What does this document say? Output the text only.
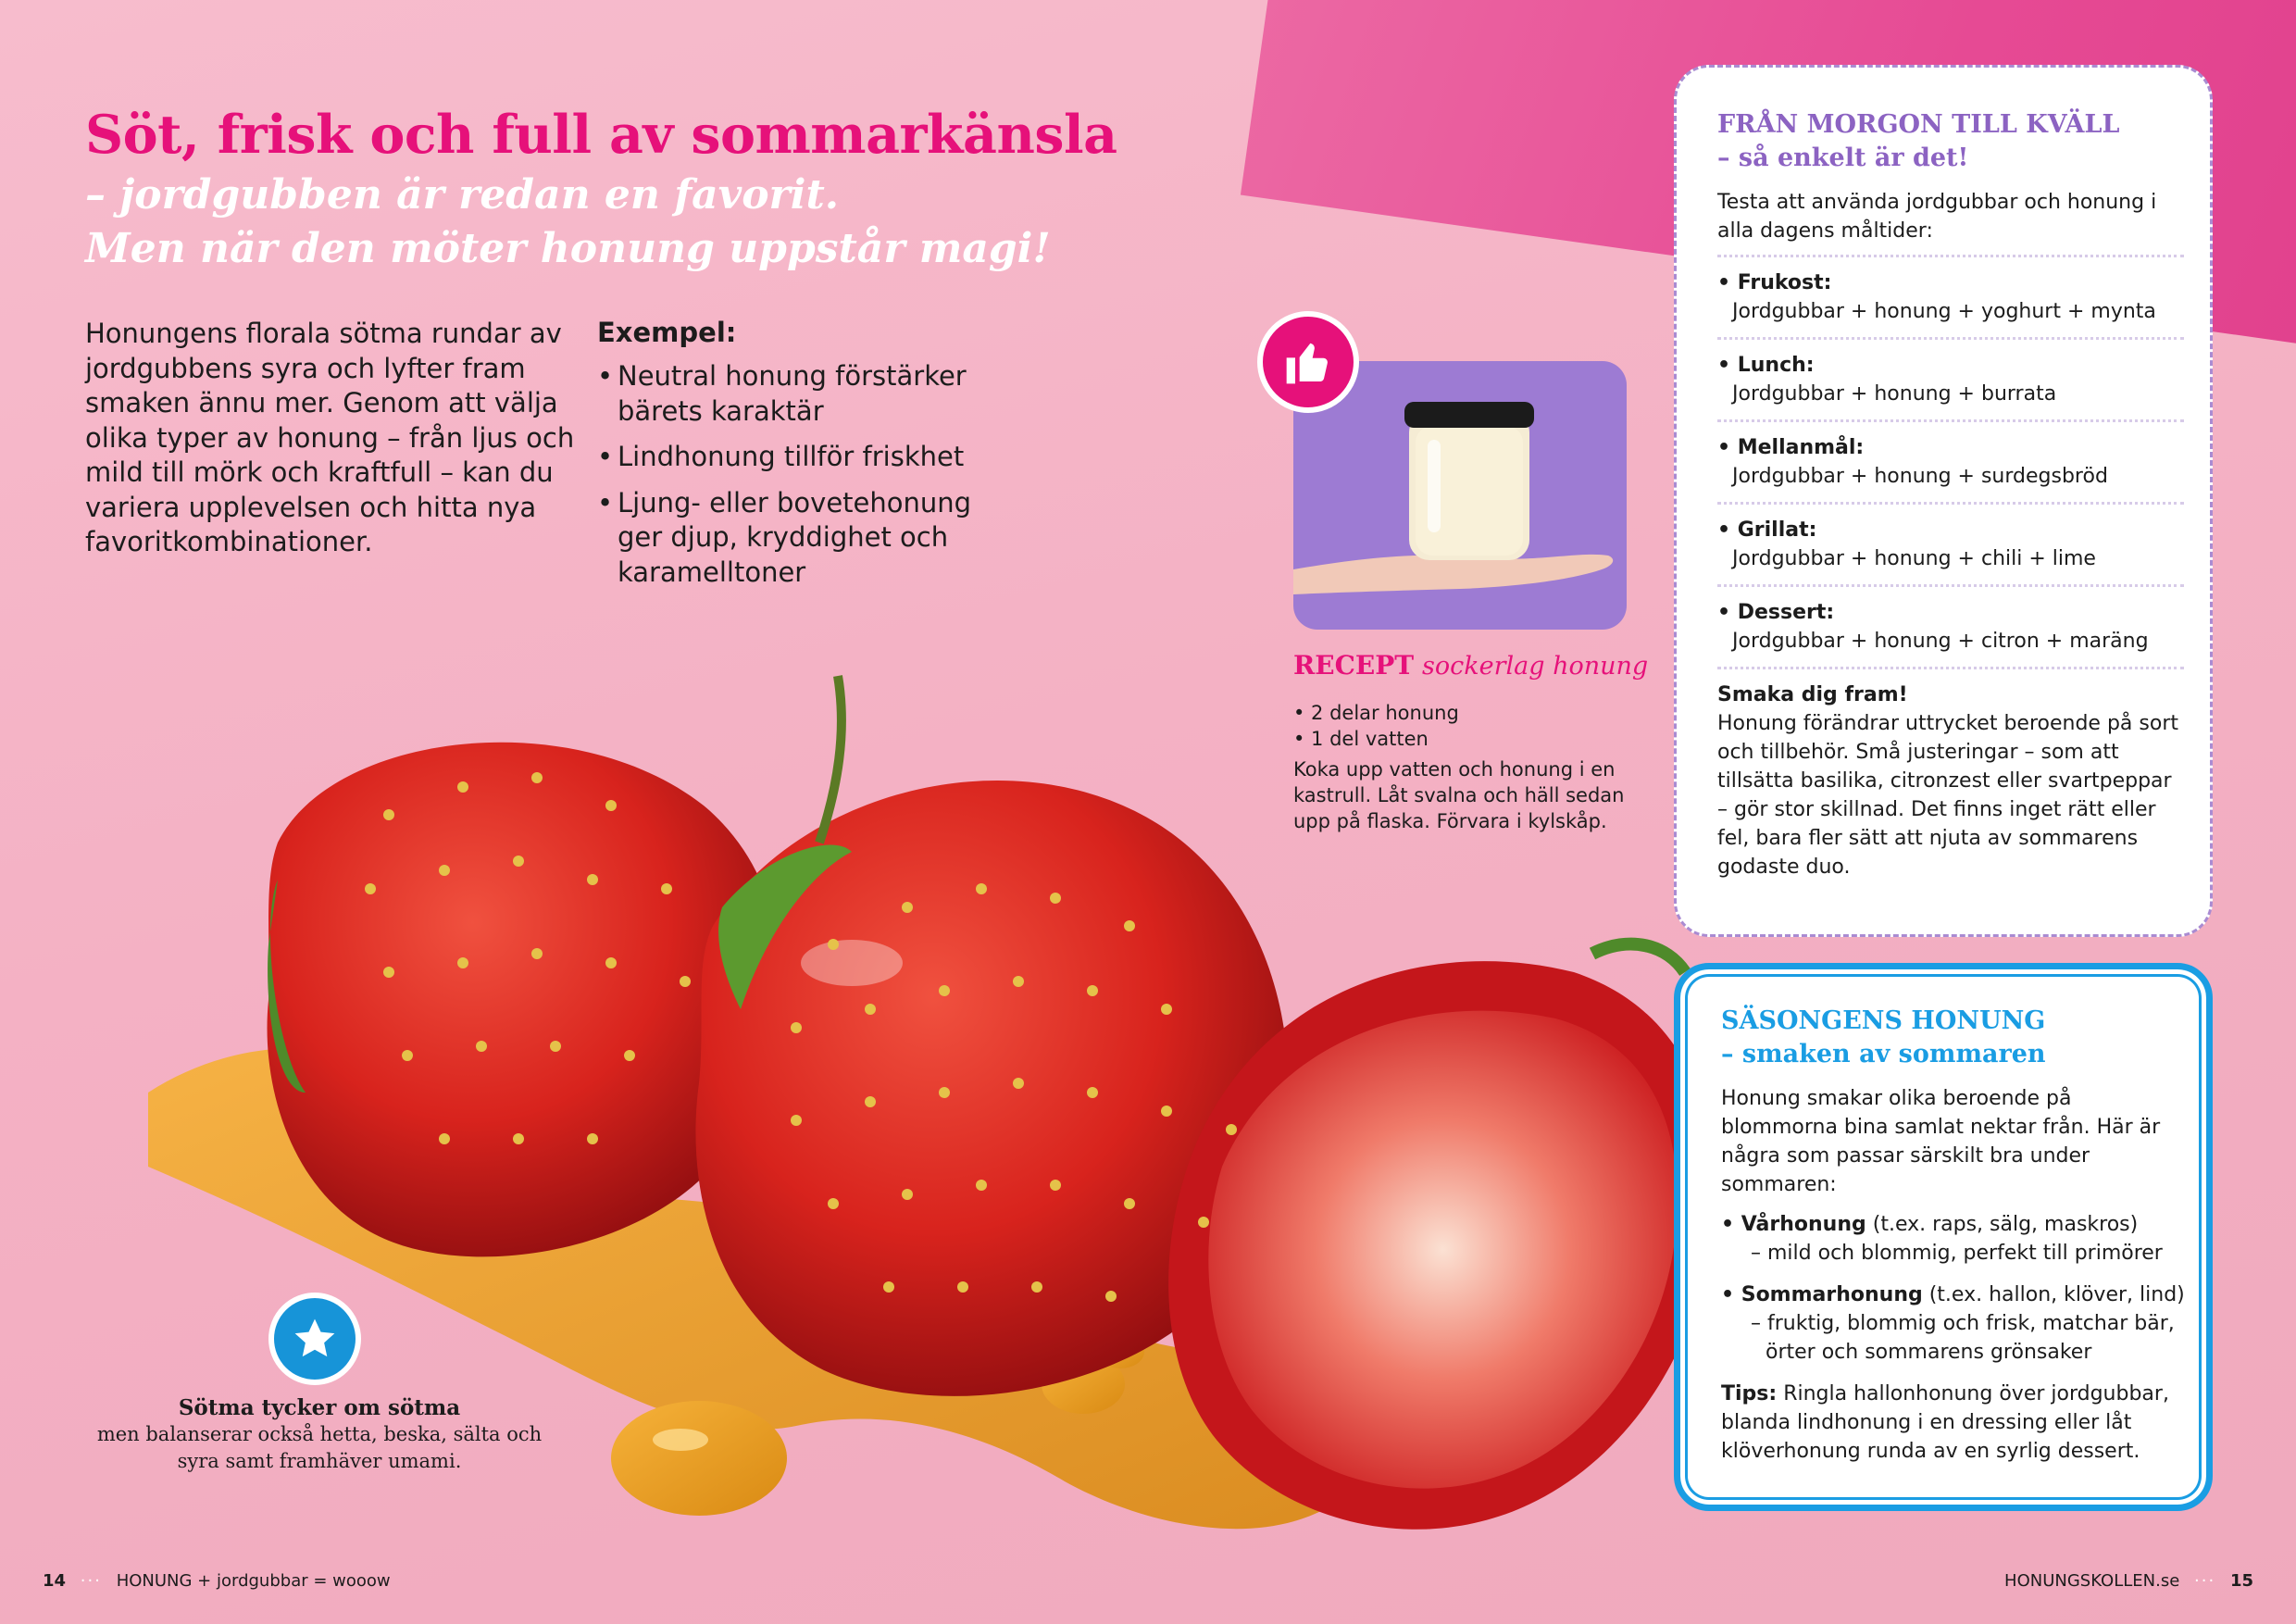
Söt, frisk och full av sommarkänsla
– jordgubben är redan en favorit.
Men när den möter honung uppstår magi!

Honungens florala sötma rundar av jordgubbens syra och lyfter fram smaken ännu mer. Genom att välja olika typer av honung – från ljus och mild till mörk och kraftfull – kan du variera upplevelsen och hitta nya favoritkombinationer.

Exempel:

• Neutral honung förstärker bärets karaktär
• Lindhonung tillför friskhet
• Ljung- eller bovetehonung ger djup, kryddighet och karamelltoner

RECEPT sockerlag honung

• 2 delar honung
• 1 del vatten

Koka upp vatten och honung i en kastrull. Låt svalna och häll sedan upp på flaska. Förvara i kylskåp.

Sötma tycker om sötma
men balanserar också hetta, beska, sälta och syra samt framhäver umami.

FRÅN MORGON TILL KVÄLL

– så enkelt är det!

Testa att använda jordgubbar och honung i alla dagens måltider:

• Frukost:
Jordgubbar + honung + yoghurt + mynta
• Lunch:
Jordgubbar + honung + burrata
• Mellanmål:
Jordgubbar + honung + surdegsbröd
• Grillat:
Jordgubbar + honung + chili + lime
• Dessert:
Jordgubbar + honung + citron + maräng

Smaka dig fram!
Honung förändrar uttrycket beroende på sort och tillbehör. Små justeringar – som att tillsätta basilika, citronzest eller svartpeppar – gör stor skillnad. Det finns inget rätt eller fel, bara fler sätt att njuta av sommarens godaste duo.

SÄSONGENS HONUNG

– smaken av sommaren

Honung smakar olika beroende på blommorna bina samlat nektar från. Här är några som passar särskilt bra under sommaren:

• Vårhonung (t.ex. raps, sälg, maskros)
– mild och blommig, perfekt till primörer
• Sommarhonung (t.ex. hallon, klöver, lind)
– fruktig, blommig och frisk, matchar bär, örter och sommarens grönsaker

Tips: Ringla hallonhonung över jordgubbar, blanda lindhonung i en dressing eller låt klöverhonung runda av en syrlig dessert.

14 ··· HONUNG + jordgubbar = wooow	HONUNGSKOLLEN.se ··· 15
